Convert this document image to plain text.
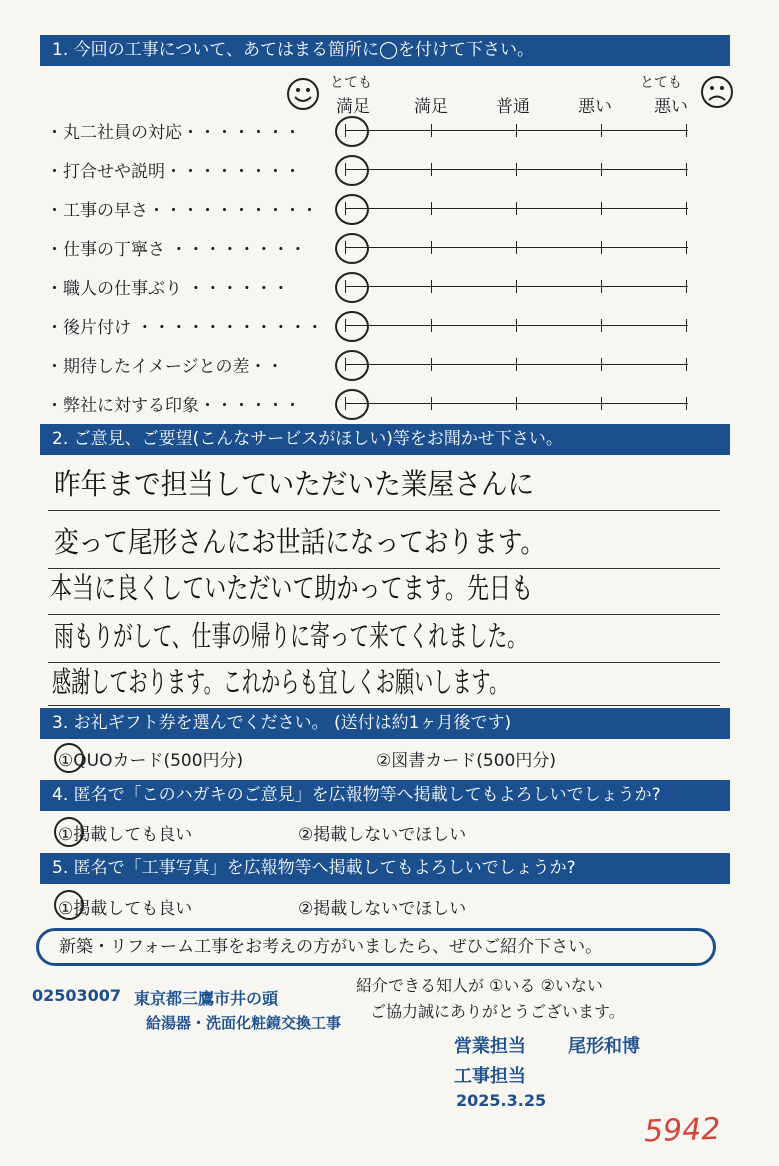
1. 今回の工事について、あてはまる箇所に◯を付けて下さい。
とても
満足	満足	普通	悪い
とても
悪い
・丸二社員の対応・・・・・・・
・打合せや説明・・・・・・・・
・工事の早さ・・・・・・・・・・
・仕事の丁寧さ ・・・・・・・・
・職人の仕事ぶり ・・・・・・
・後片付け ・・・・・・・・・・・
・期待したイメージとの差・・
・弊社に対する印象・・・・・・
2. ご意見、ご要望(こんなサービスがほしい)等をお聞かせ下さい。
昨年まで担当していただいた業屋さんに
変って尾形さんにお世話になっております。
本当に良くしていただいて助かってます。先日も
雨もりがして、仕事の帰りに寄って来てくれました。
感謝しております。これからも宜しくお願いします。
3. お礼ギフト券を選んでください。 (送付は約1ヶ月後です)
①QUOカード(500円分)	②図書カード(500円分)
4. 匿名で「このハガキのご意見」を広報物等へ掲載してもよろしいでしょうか?
①掲載しても良い	②掲載しないでほしい
5. 匿名で「工事写真」を広報物等へ掲載してもよろしいでしょうか?
①掲載しても良い	②掲載しないでほしい
新築・リフォーム工事をお考えの方がいましたら、ぜひご紹介下さい。
紹介できる知人が ①いる ②いない
ご協力誠にありがとうございます。
02503007 東京都三鷹市井の頭
給湯器・洗面化粧鏡交換工事
営業担当 尾形和博
工事担当
2025.3.25
5942
